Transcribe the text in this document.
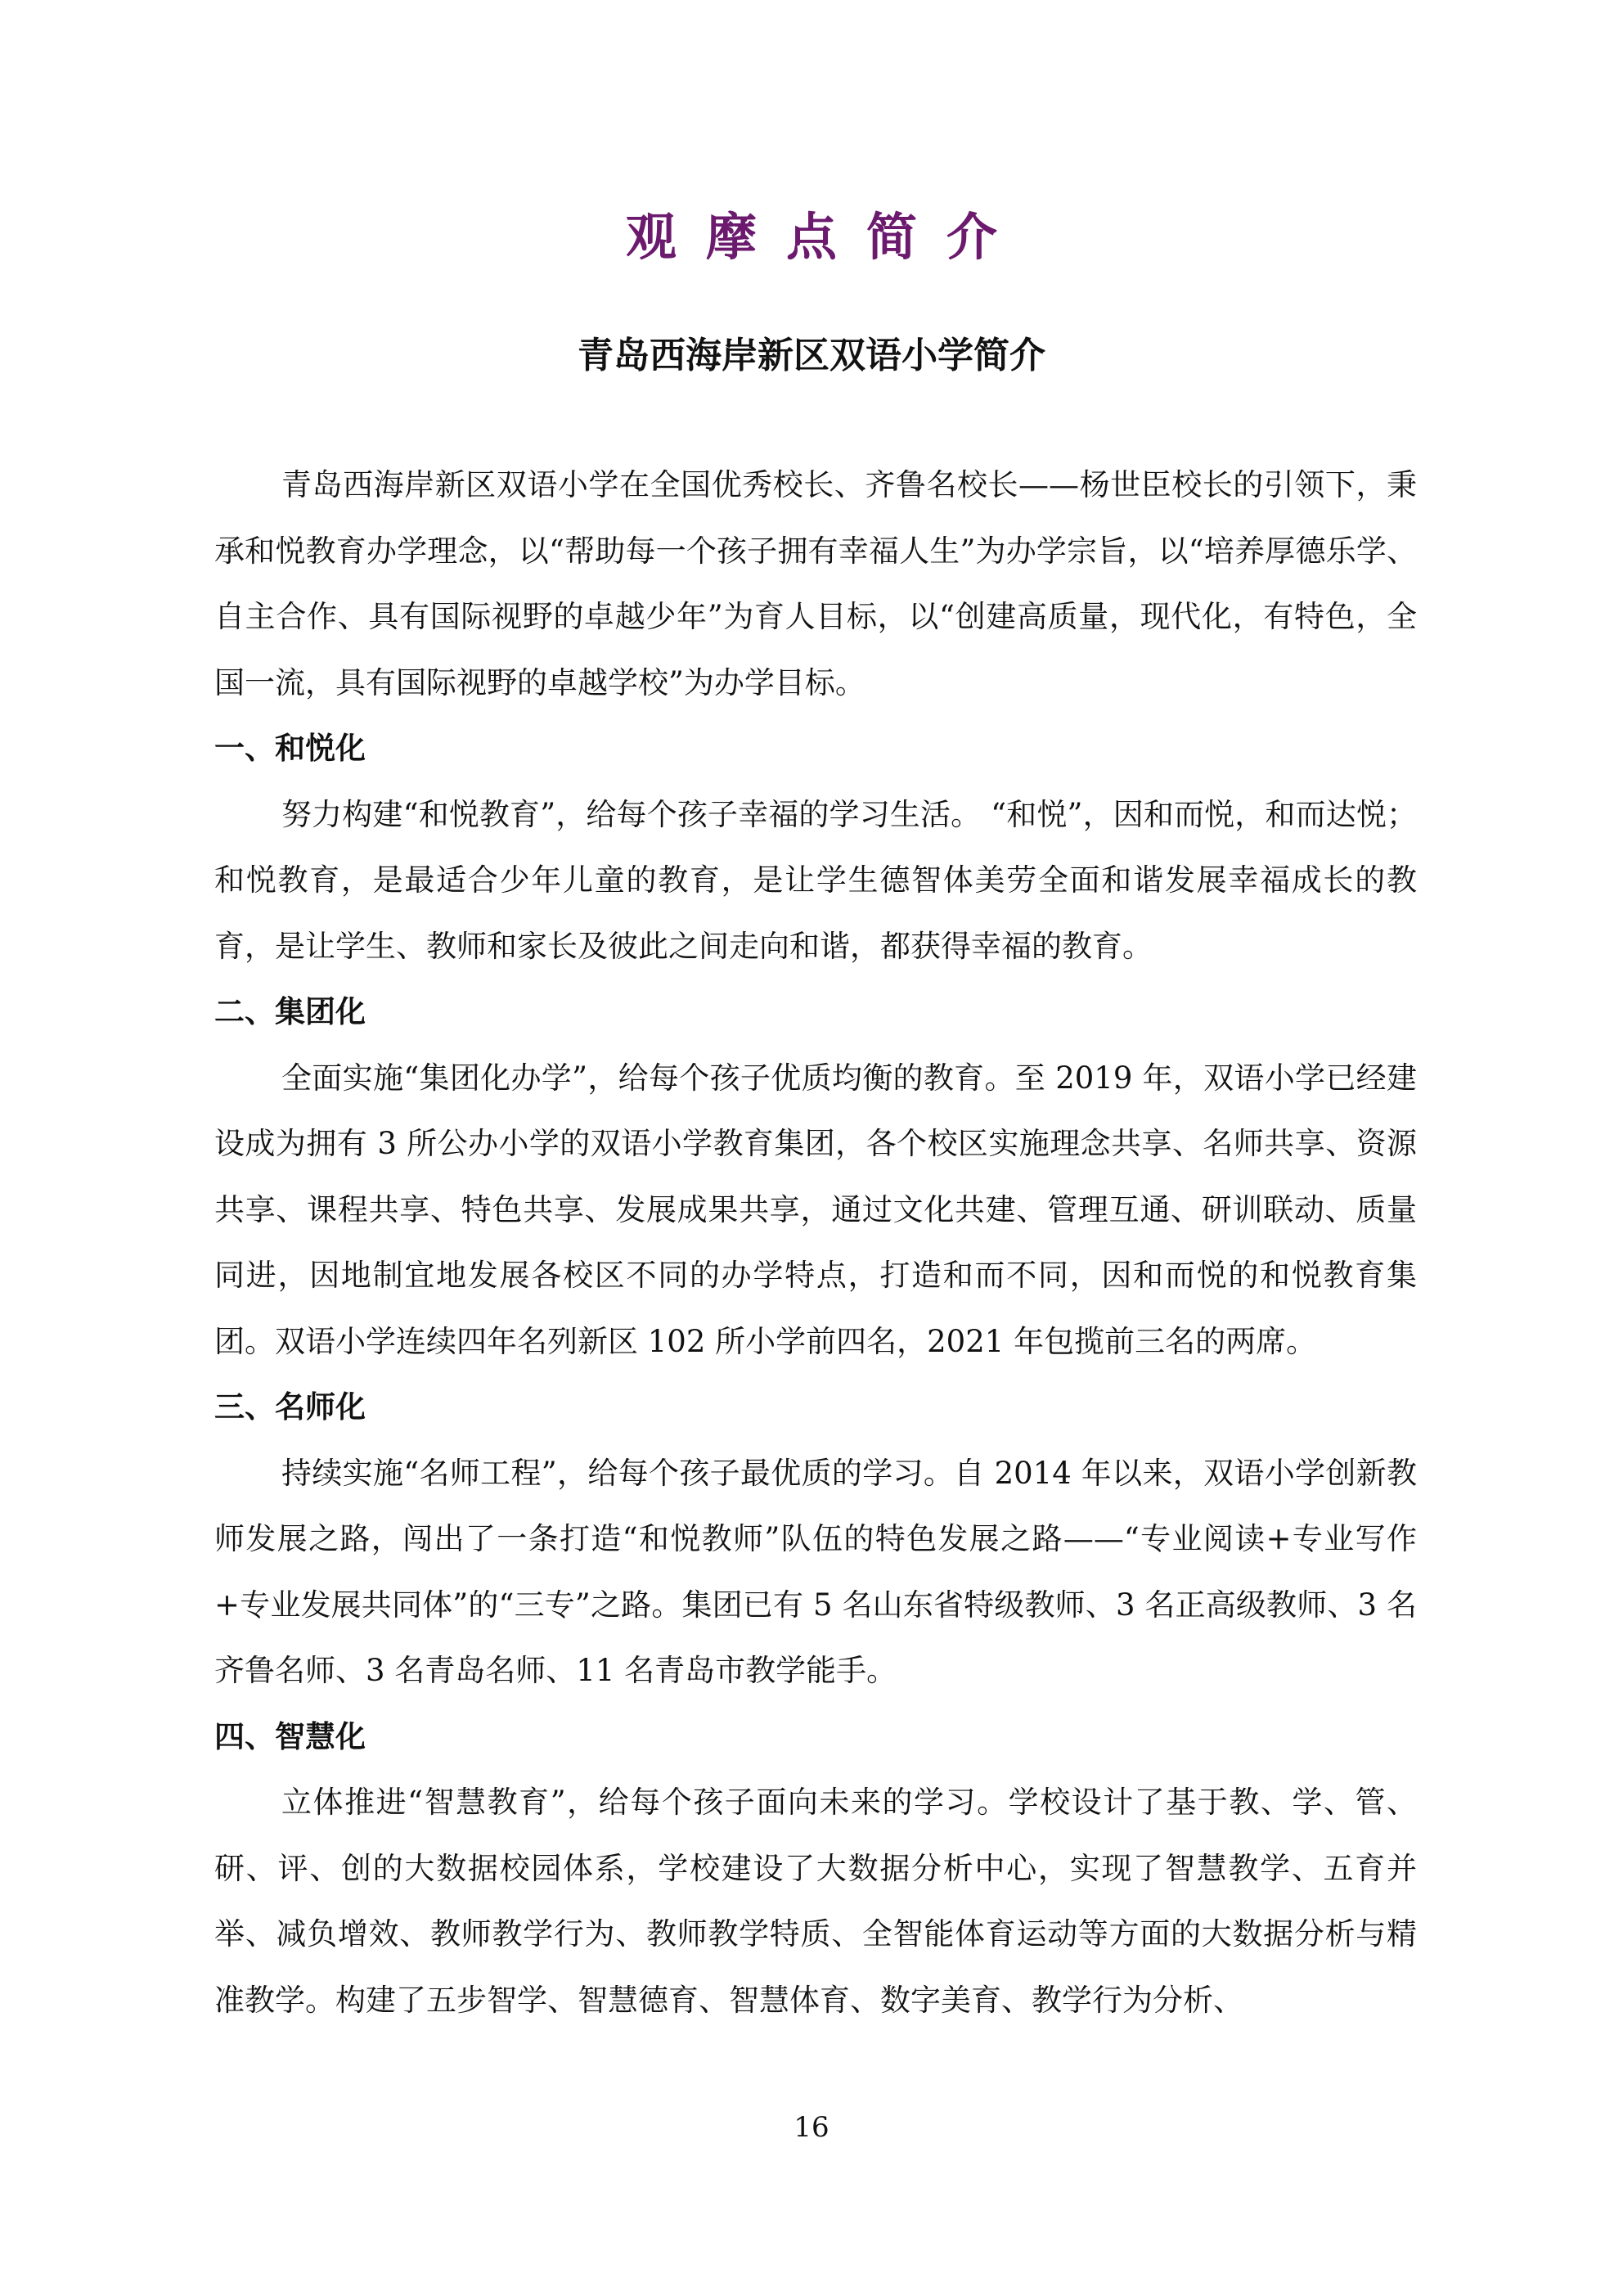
观摩点简介
青岛西海岸新区双语小学简介

青岛西海岸新区双语小学在全国优秀校长、齐鲁名校长——杨世臣校长的引领下，秉承和悦教育办学理念，以“帮助每一个孩子拥有幸福人生”为办学宗旨，以“培养厚德乐学、自主合作、具有国际视野的卓越少年”为育人目标，以“创建高质量，现代化，有特色，全国一流，具有国际视野的卓越学校”为办学目标。

一、和悦化

努力构建“和悦教育”，给每个孩子幸福的学习生活。 “和悦”，因和而悦，和而达悦；和悦教育，是最适合少年儿童的教育，是让学生德智体美劳全面和谐发展幸福成长的教育，是让学生、教师和家长及彼此之间走向和谐，都获得幸福的教育。

二、集团化

全面实施“集团化办学”，给每个孩子优质均衡的教育。至 2019 年，双语小学已经建设成为拥有 3 所公办小学的双语小学教育集团，各个校区实施理念共享、名师共享、资源共享、课程共享、特色共享、发展成果共享，通过文化共建、管理互通、研训联动、质量同进，因地制宜地发展各校区不同的办学特点，打造和而不同，因和而悦的和悦教育集团。双语小学连续四年名列新区 102 所小学前四名，2021 年包揽前三名的两席。

三、名师化

持续实施“名师工程”，给每个孩子最优质的学习。自 2014 年以来，双语小学创新教师发展之路，闯出了一条打造“和悦教师”队伍的特色发展之路——“专业阅读+专业写作+专业发展共同体”的“三专”之路。集团已有 5 名山东省特级教师、3 名正高级教师、3 名齐鲁名师、3 名青岛名师、11 名青岛市教学能手。

四、智慧化

立体推进“智慧教育”，给每个孩子面向未来的学习。学校设计了基于教、学、管、研、评、创的大数据校园体系，学校建设了大数据分析中心，实现了智慧教学、五育并举、减负增效、教师教学行为、教师教学特质、全智能体育运动等方面的大数据分析与精准教学。构建了五步智学、智慧德育、智慧体育、数字美育、教学行为分析、

16
